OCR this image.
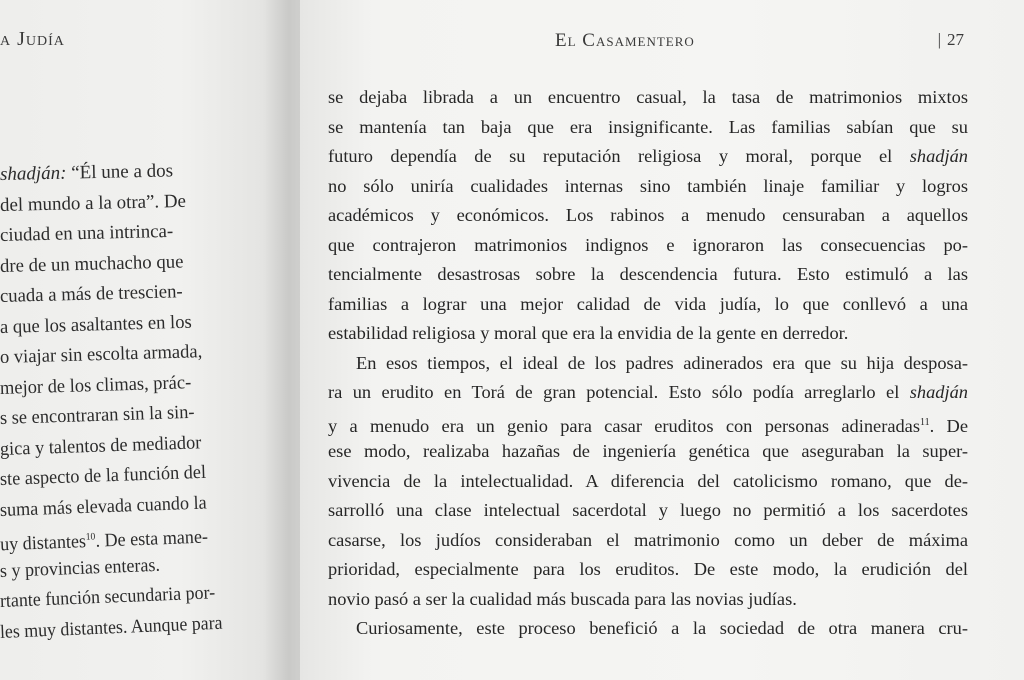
a Judía
shadján: “Él une a dos
del mundo a la otra”. De
ciudad en una intrinca-
dre de un muchacho que
cuada a más de trescien-
a que los asaltantes en los
o viajar sin escolta armada,
mejor de los climas, prác-
s se encontraran sin la sin-
gica y talentos de mediador
ste aspecto de la función del
suma más elevada cuando la
uy distantes$^{10}$. De esta mane-
s y provincias enteras.
rtante función secundaria por-
les muy distantes. Aunque para
El Casamentero	| 27
se dejaba librada a un encuentro casual, la tasa de matrimonios mixtos
se mantenía tan baja que era insignificante. Las familias sabían que su
futuro dependía de su reputación religiosa y moral, porque el shadján
no sólo uniría cualidades internas sino también linaje familiar y logros
académicos y económicos. Los rabinos a menudo censuraban a aquellos
que contrajeron matrimonios indignos e ignoraron las consecuencias po-
tencialmente desastrosas sobre la descendencia futura. Esto estimuló a las
familias a lograr una mejor calidad de vida judía, lo que conllevó a una
estabilidad religiosa y moral que era la envidia de la gente en derredor.
En esos tiempos, el ideal de los padres adinerados era que su hija desposa-
ra un erudito en Torá de gran potencial. Esto sólo podía arreglarlo el shadján
y a menudo era un genio para casar eruditos con personas adineradas$^{11}$. De
ese modo, realizaba hazañas de ingeniería genética que aseguraban la super-
vivencia de la intelectualidad. A diferencia del catolicismo romano, que de-
sarrolló una clase intelectual sacerdotal y luego no permitió a los sacerdotes
casarse, los judíos consideraban el matrimonio como un deber de máxima
prioridad, especialmente para los eruditos. De este modo, la erudición del
novio pasó a ser la cualidad más buscada para las novias judías.
Curiosamente, este proceso benefició a la sociedad de otra manera cru-
